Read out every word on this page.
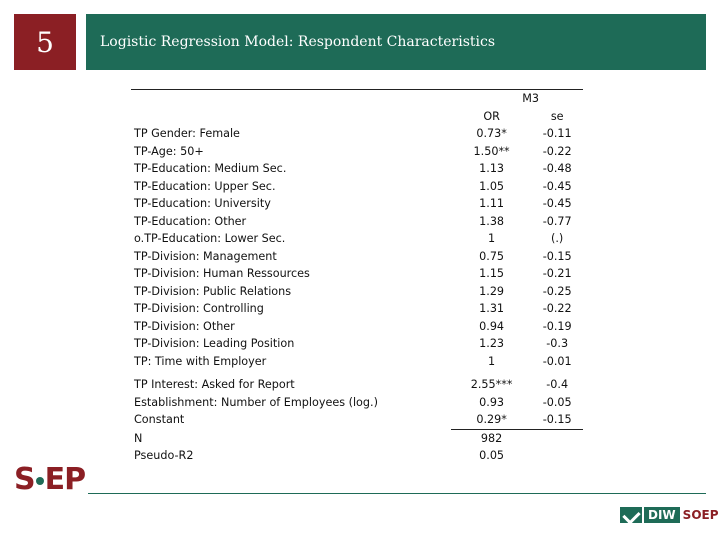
5	Logistic Regression Model: Respondent Characteristics
M3
OR	se
TP Gender: Female	0.73*	-0.11
TP-Age: 50+	1.50**	-0.22
TP-Education: Medium Sec.	1.13	-0.48
TP-Education: Upper Sec.	1.05	-0.45
TP-Education: University	1.11	-0.45
TP-Education: Other	1.38	-0.77
o.TP-Education: Lower Sec.	1	(.)
TP-Division: Management	0.75	-0.15
TP-Division: Human Ressources	1.15	-0.21
TP-Division: Public Relations	1.29	-0.25
TP-Division: Controlling	1.31	-0.22
TP-Division: Other	0.94	-0.19
TP-Division: Leading Position	1.23	-0.3
TP: Time with Employer	1	-0.01
TP Interest: Asked for Report	2.55***	-0.4
Establishment: Number of Employees (log.)	0.93	-0.05
Constant	0.29*	-0.15
N	982
Pseudo-R2	0.05
S EP
DIW SOEP
